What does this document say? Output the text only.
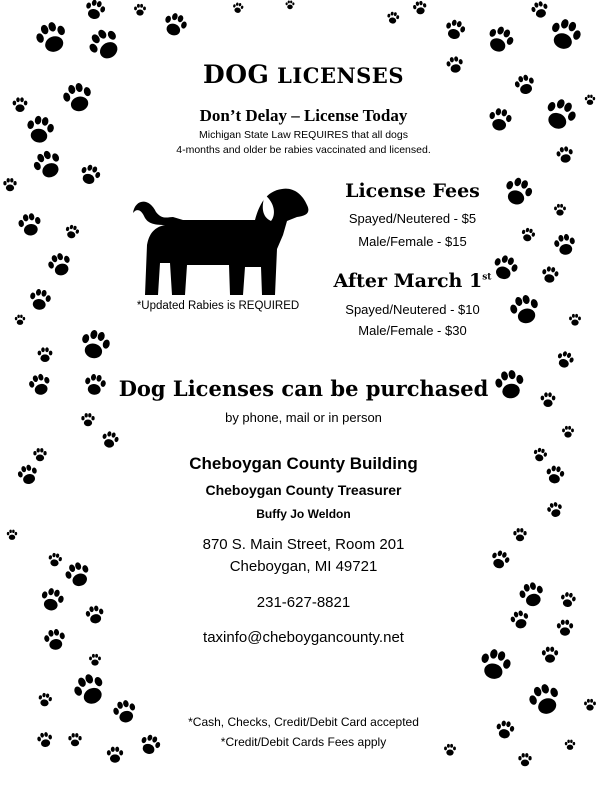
DOG LICENSES
Don’t Delay – License Today
Michigan State Law REQUIRES that all dogs
4-months and older be rabies vaccinated and licensed.
*Updated Rabies is REQUIRED
License Fees
Spayed/Neutered - $5
Male/Female - $15
After March 1st
Spayed/Neutered - $10
Male/Female - $30
Dog Licenses can be purchased
by phone, mail or in person
Cheboygan County Building
Cheboygan County Treasurer
Buffy Jo Weldon
870 S. Main Street, Room 201
Cheboygan, MI 49721
231-627-8821
taxinfo@cheboygancounty.net
*Cash, Checks, Credit/Debit Card accepted
*Credit/Debit Cards Fees apply
